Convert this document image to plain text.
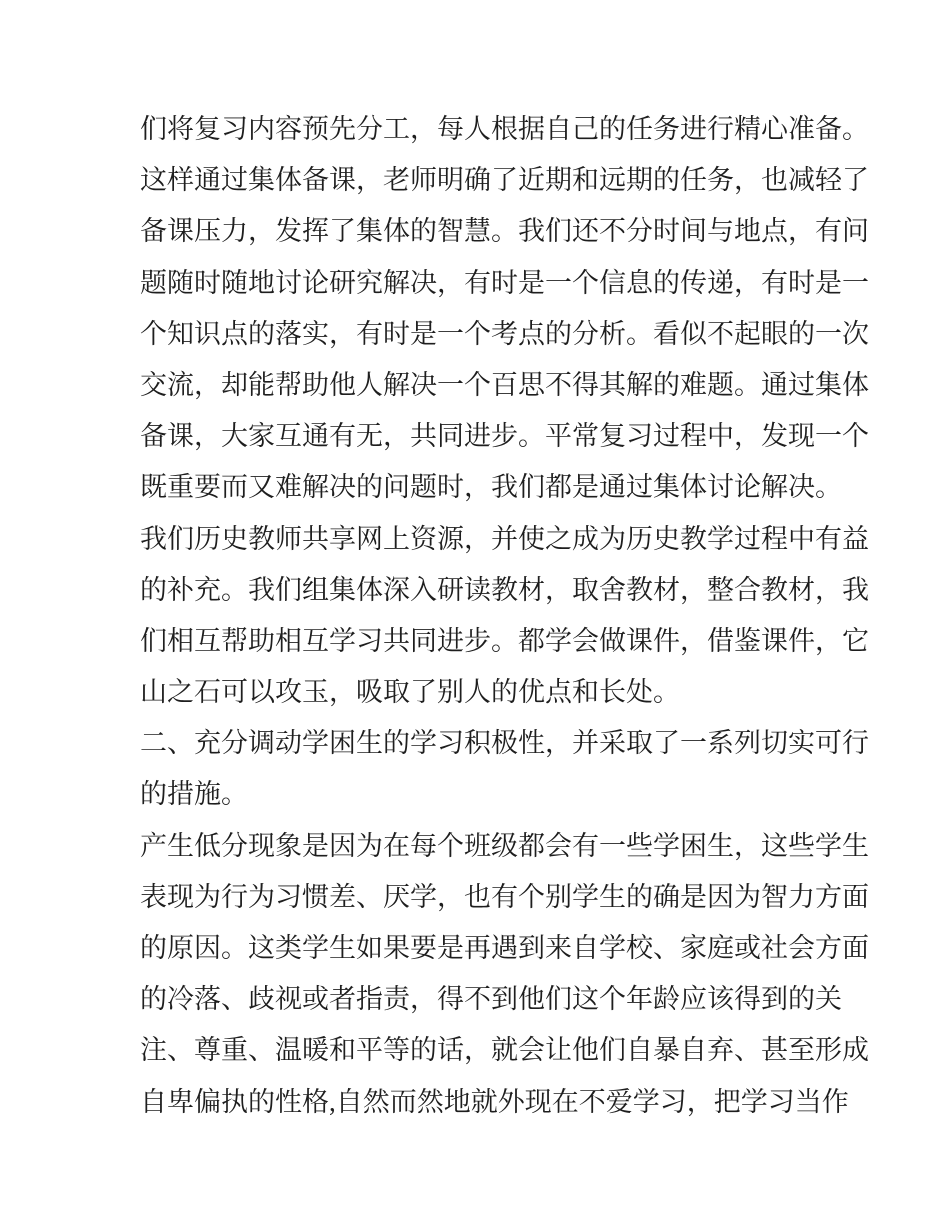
们将复习内容预先分工，每人根据自己的任务进行精心准备。
这样通过集体备课，老师明确了近期和远期的任务，也减轻了
备课压力，发挥了集体的智慧。我们还不分时间与地点，有问
题随时随地讨论研究解决，有时是一个信息的传递，有时是一
个知识点的落实，有时是一个考点的分析。看似不起眼的一次
交流，却能帮助他人解决一个百思不得其解的难题。通过集体
备课，大家互通有无，共同进步。平常复习过程中，发现一个
既重要而又难解决的问题时，我们都是通过集体讨论解决。
我们历史教师共享网上资源，并使之成为历史教学过程中有益
的补充。我们组集体深入研读教材，取舍教材，整合教材，我
们相互帮助相互学习共同进步。都学会做课件，借鉴课件，它
山之石可以攻玉，吸取了别人的优点和长处。
二、充分调动学困生的学习积极性，并采取了一系列切实可行
的措施。
产生低分现象是因为在每个班级都会有一些学困生，这些学生
表现为行为习惯差、厌学，也有个别学生的确是因为智力方面
的原因。这类学生如果要是再遇到来自学校、家庭或社会方面
的冷落、歧视或者指责，得不到他们这个年龄应该得到的关
注、尊重、温暖和平等的话，就会让他们自暴自弃、甚至形成
自卑偏执的性格,自然而然地就外现在不爱学习，把学习当作
